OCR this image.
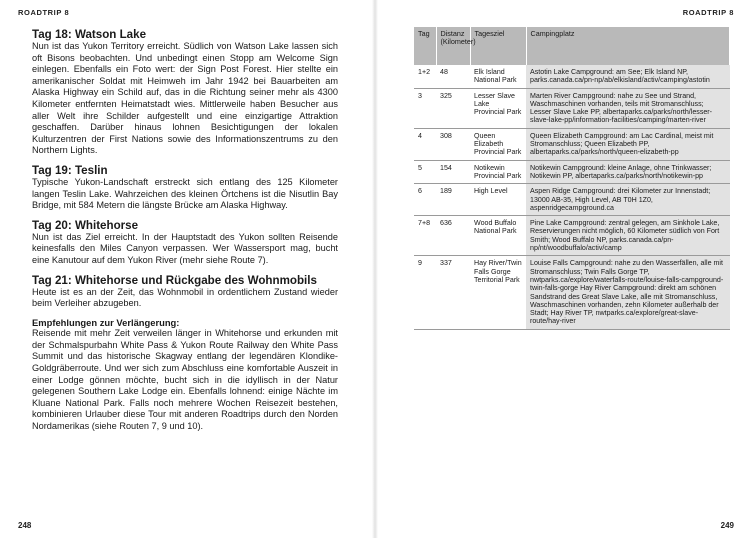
ROADTRIP 8
Tag 18: Watson Lake

Nun ist das Yukon Territory erreicht. Südlich von Watson Lake lassen sich oft Bisons beobachten. Und unbedingt einen Stopp am Welcome Sign einlegen. Ebenfalls ein Foto wert: der Sign Post Forest. Hier stellte ein amerikanischer Soldat mit Heimweh im Jahr 1942 bei Bauarbeiten am Alaska Highway ein Schild auf, das in die Richtung seiner mehr als 4300 Kilometer entfernten Heimatstadt wies. Mittlerweile haben Besucher aus aller Welt ihre Schilder aufgestellt und eine einzigartige Attraktion geschaffen. Darüber hinaus lohnen Besichtigungen der lokalen Kulturzentren der First Nations sowie des Informationszentrums zu den Northern Lights.

Tag 19: Teslin

Typische Yukon-Landschaft erstreckt sich entlang des 125 Kilometer langen Teslin Lake. Wahrzeichen des kleinen Örtchens ist die Nisutlin Bay Bridge, mit 584 Metern die längste Brücke am Alaska Highway.

Tag 20: Whitehorse

Nun ist das Ziel erreicht. In der Hauptstadt des Yukon sollten Reisende keinesfalls den Miles Canyon verpassen. Wer Wassersport mag, bucht eine Kanutour auf dem Yukon River (mehr siehe Route 7).

Tag 21: Whitehorse und Rückgabe des Wohnmobils

Heute ist es an der Zeit, das Wohnmobil in ordentlichem Zustand wieder beim Verleiher abzugeben.

Empfehlungen zur Verlängerung:

Reisende mit mehr Zeit verweilen länger in Whitehorse und erkunden mit der Schmalspurbahn White Pass & Yukon Route Railway den White Pass Summit und das historische Skagway entlang der legendären Klondike-Goldgräberroute. Und wer sich zum Abschluss eine komfortable Auszeit in einer Lodge gönnen möchte, bucht sich in die idyllisch in der Natur gelegenen Southern Lake Lodge ein. Ebenfalls lohnend: einige Nächte im Kluane National Park. Falls noch mehrere Wochen Reisezeit bestehen, kombinieren Urlauber diese Tour mit anderen Roadtrips durch den Norden Nordamerikas (siehe Routen 7, 9 und 10).

248
ROADTRIP 8
Tag	Distanz (Kilometer)	Tagesziel	Campingplatz
1+2	48	Elk Island National Park	Astotin Lake Campground: am See; Elk Island NP, parks.canada.ca/pn-np/ab/elkisland/activ/camping/astotin
3	325	Lesser Slave Lake Provincial Park	Marten River Campground: nahe zu See und Strand, Waschmaschinen vorhanden, teils mit Stromanschluss; Lesser Slave Lake PP, albertaparks.ca/parks/north/lesser-slave-lake-pp/information-facilities/camping/marten-river
4	308	Queen Elizabeth Provincial Park	Queen Elizabeth Campground: am Lac Cardinal, meist mit Stromanschluss; Queen Elizabeth PP, albertaparks.ca/parks/north/queen-elizabeth-pp
5	154	Notikewin Provincial Park	Notikewin Campground: kleine Anlage, ohne Trinkwasser; Notikewin PP, albertaparks.ca/parks/north/notikewin-pp
6	189	High Level	Aspen Ridge Campground: drei Kilometer zur Innenstadt; 13000 AB-35, High Level, AB T0H 1Z0, aspenridgecampground.ca
7+8	636	Wood Buffalo National Park	Pine Lake Campground: zentral gelegen, am Sinkhole Lake, Reservierungen nicht möglich, 60 Kilometer südlich von Fort Smith; Wood Buffalo NP, parks.canada.ca/pn-np/nt/woodbuffalo/activ/camp
9	337	Hay River/Twin Falls Gorge Territorial Park	Louise Falls Campground: nahe zu den Wasserfällen, alle mit Stromanschluss; Twin Falls Gorge TP, nwtparks.ca/explore/waterfalls-route/louise-falls-campground-twin-falls-gorge Hay River Campground: direkt am schönen Sandstrand des Great Slave Lake, alle mit Stromanschluss, Waschmaschinen vorhanden, zehn Kilometer außerhalb der Stadt; Hay River TP, nwtparks.ca/explore/great-slave-route/hay-river
249
